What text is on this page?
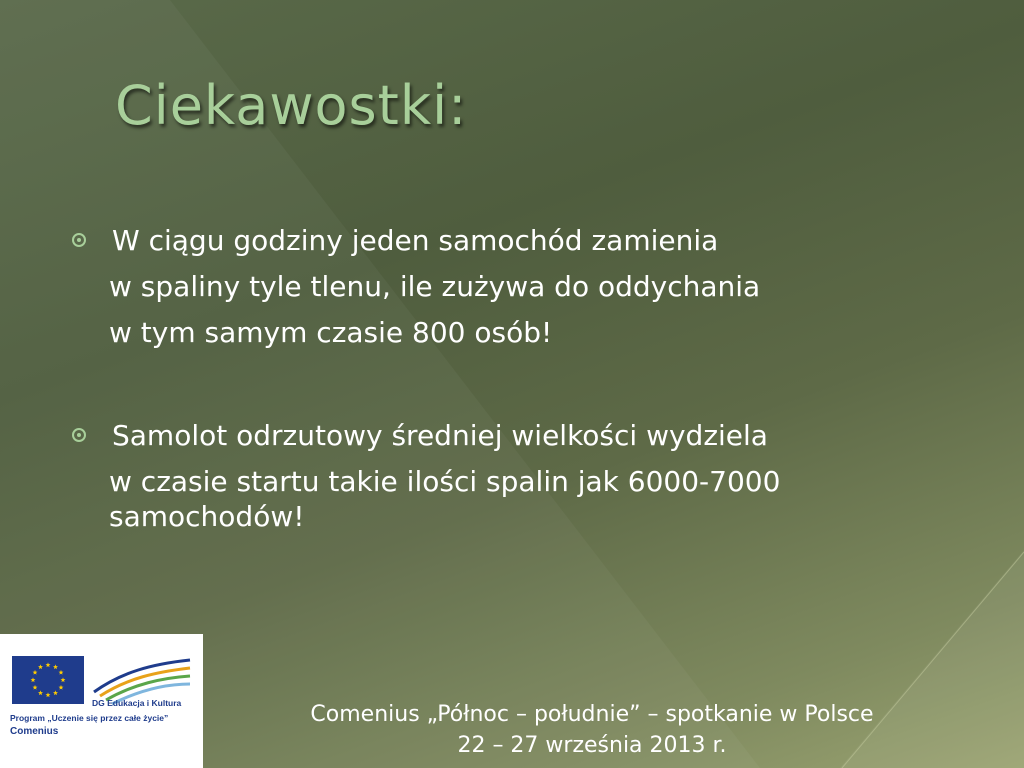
Ciekawostki:
W ciągu godziny jeden samochód zamienia
w spaliny tyle tlenu, ile zużywa do oddychania
w tym samym czasie 800 osób!
Samolot odrzutowy średniej wielkości wydziela
w czasie startu takie ilości spalin jak 6000-7000
samochodów!
DG Edukacja i Kultura
Program „Uczenie się przez całe życie”
Comenius
Comenius „Północ – południe” – spotkanie w Polsce
22 – 27 września 2013 r.
